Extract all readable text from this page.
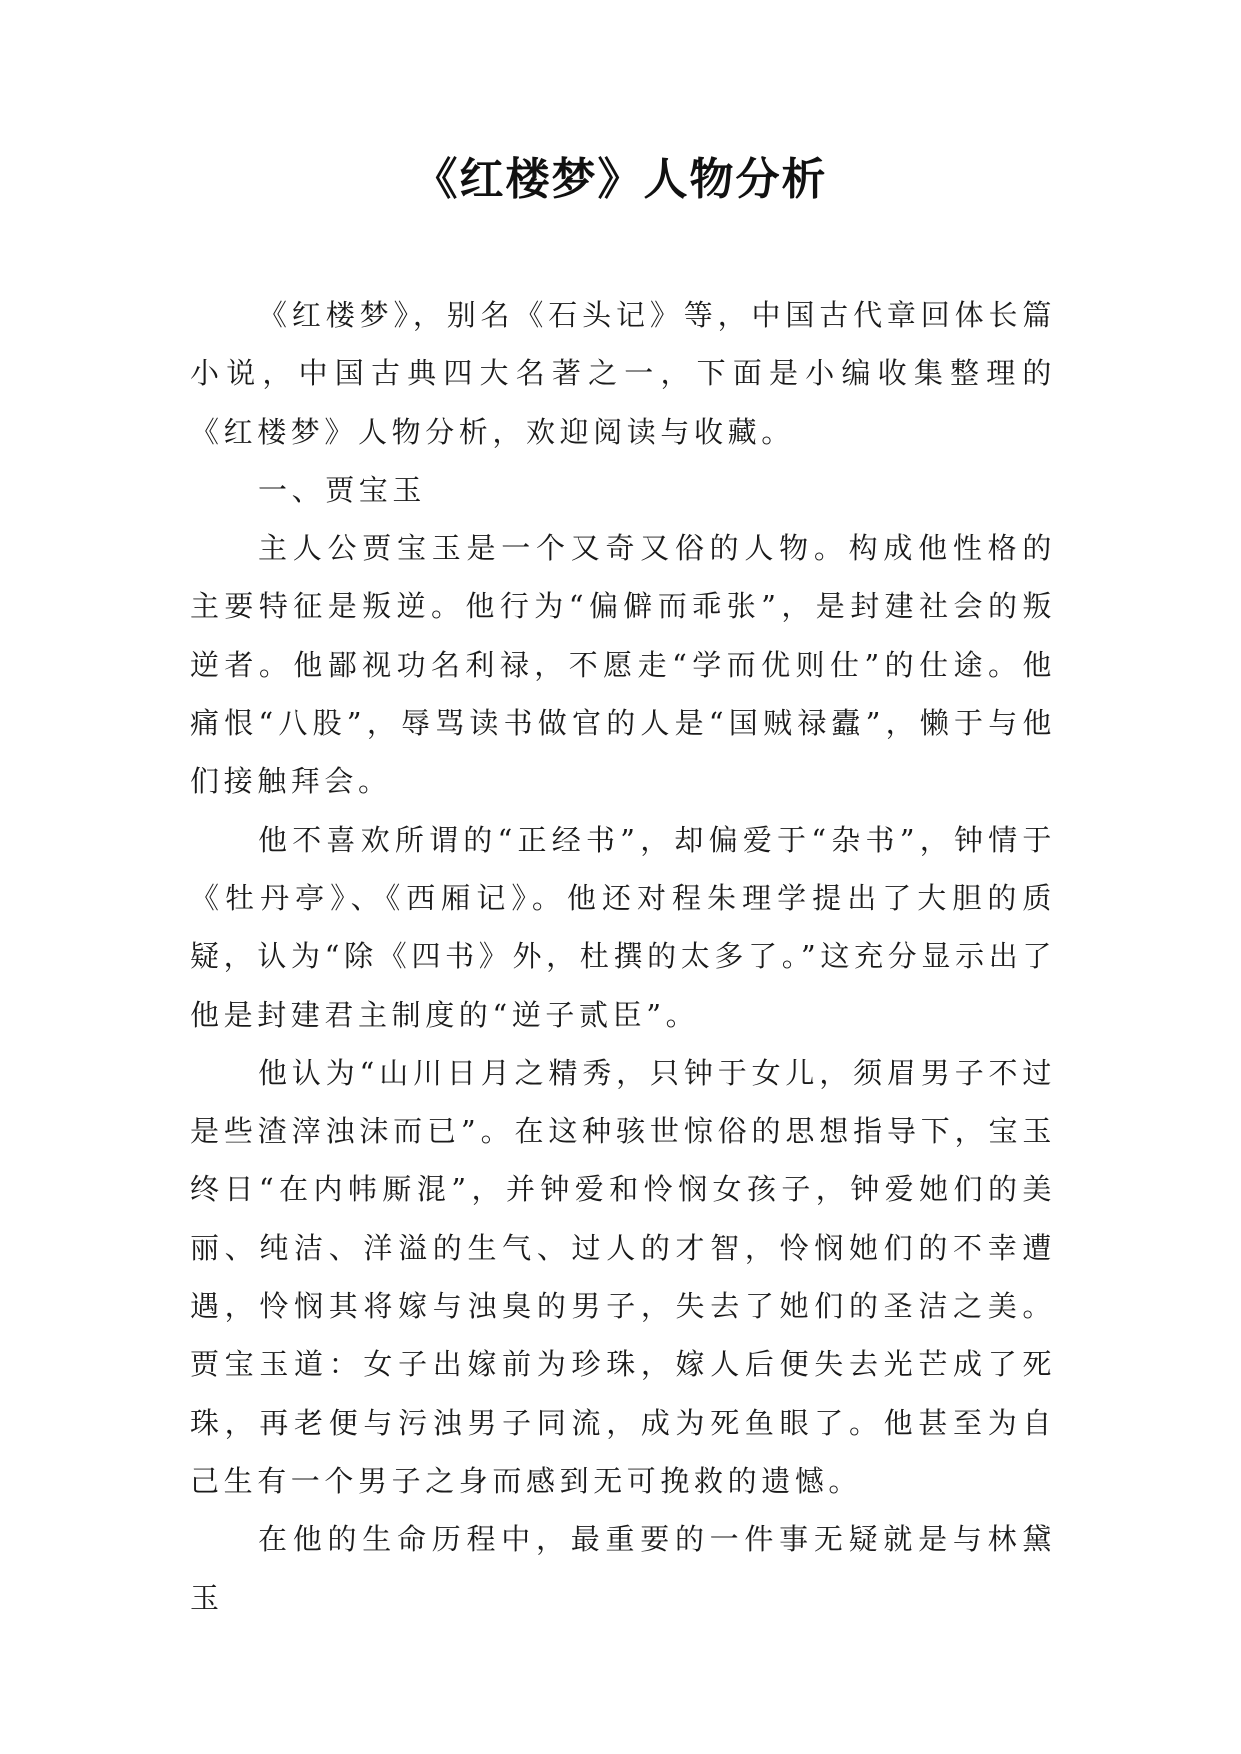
《红楼梦》人物分析

《红楼梦》，别名《石头记》等，中国古代章回体长篇小说，中国古典四大名著之一，下面是小编收集整理的《红楼梦》人物分析，欢迎阅读与收藏。

一、贾宝玉

主人公贾宝玉是一个又奇又俗的人物。构成他性格的主要特征是叛逆。他行为“偏僻而乖张”，是封建社会的叛逆者。他鄙视功名利禄，不愿走“学而优则仕”的仕途。他痛恨“八股”，辱骂读书做官的人是“国贼禄蠹”，懒于与他们接触拜会。

他不喜欢所谓的“正经书”，却偏爱于“杂书”，钟情于《牡丹亭》、《西厢记》。他还对程朱理学提出了大胆的质疑，认为“除《四书》外，杜撰的太多了。”这充分显示出了他是封建君主制度的“逆子贰臣”。

他认为“山川日月之精秀，只钟于女儿，须眉男子不过是些渣滓浊沫而已”。在这种骇世惊俗的思想指导下，宝玉终日“在内帏厮混”，并钟爱和怜悯女孩子，钟爱她们的美丽、纯洁、洋溢的生气、过人的才智，怜悯她们的不幸遭遇，怜悯其将嫁与浊臭的男子，失去了她们的圣洁之美。贾宝玉道：女子出嫁前为珍珠，嫁人后便失去光芒成了死珠，再老便与污浊男子同流，成为死鱼眼了。他甚至为自己生有一个男子之身而感到无可挽救的遗憾。

在他的生命历程中，最重要的一件事无疑就是与林黛玉
